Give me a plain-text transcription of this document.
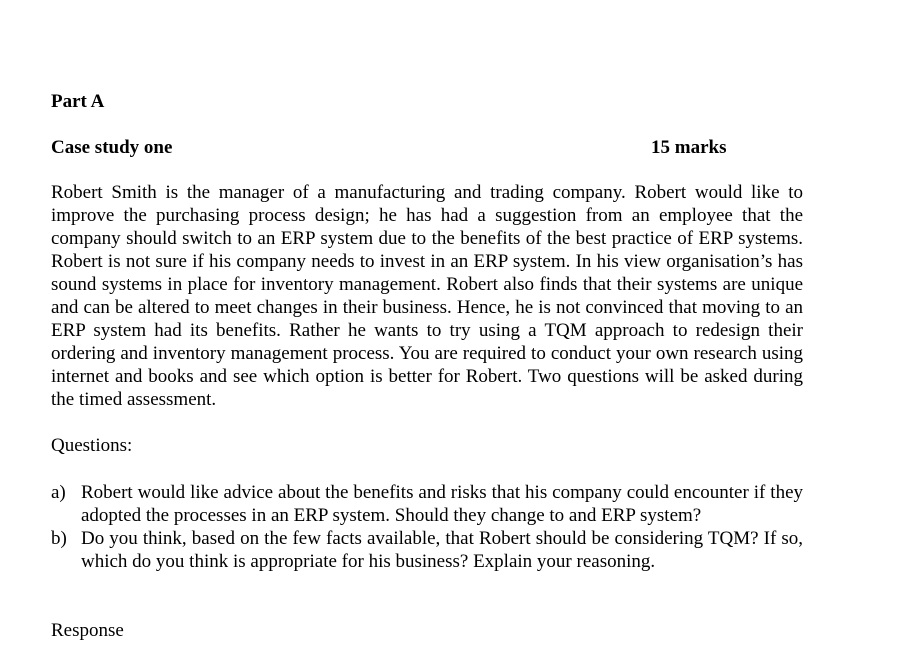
Part A
Case study one	15 marks

Robert Smith is the manager of a manufacturing and trading company. Robert would like to improve the purchasing process design; he has had a suggestion from an employee that the company should switch to an ERP system due to the benefits of the best practice of ERP systems. Robert is not sure if his company needs to invest in an ERP system. In his view organisation’s has sound systems in place for inventory management. Robert also finds that their systems are unique and can be altered to meet changes in their business. Hence, he is not convinced that moving to an ERP system had its benefits. Rather he wants to try using a TQM approach to redesign their ordering and inventory management process. You are required to conduct your own research using internet and books and see which option is better for Robert. Two questions will be asked during the timed assessment.

Questions:
a) Robert would like advice about the benefits and risks that his company could encounter if they adopted the processes in an ERP system. Should they change to and ERP system?
b) Do you think, based on the few facts available, that Robert should be considering TQM? If so, which do you think is appropriate for his business? Explain your reasoning.
Response
